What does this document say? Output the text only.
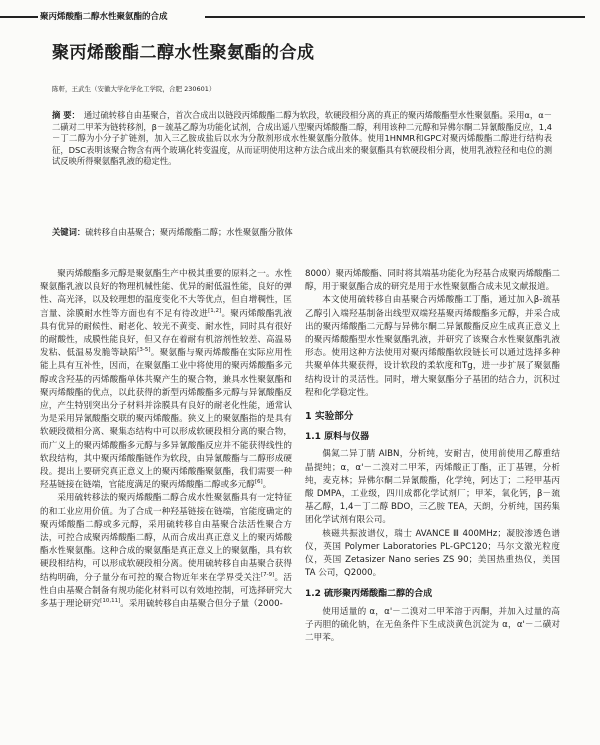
聚丙烯酸酯二醇水性聚氨酯的合成
聚丙烯酸酯二醇水性聚氨酯的合成
陈軒，王武生（安徽大学化学化工学院，合肥 230601）
摘 要： 通过硫转移自由基聚合，首次合成出以链段丙烯酸酯二醇为软段，软硬段相分离的真正的聚丙烯酸酯型水性聚氨酯。采用α，α－二磺对二甲苯为链转移剂，β－巯基乙醇为功能化试剂，合成出遥八型聚丙烯酸酯二醇，利用该种二元醇和异佛尔酮二异氰酸酯反应，1,4－丁二醇为小分子扩链剂，加入三乙胺成盐后以水为分散剂形成水性聚氨酯分散体。使用1HNMR和GPC对聚丙烯酸酯二醇进行结构表征，DSC表明该聚合物含有两个玻璃化转变温度，从而证明使用这种方法合成出来的聚氨酯具有软硬段相分离，使用乳液粒径和电位的测试反映所得聚氨酯乳液的稳定性。
关键词：硫转移自由基聚合；聚丙烯酸酯二醇；水性聚氨酯分散体

聚丙烯酸酯多元醇是聚氨酯生产中极其重要的原料之一。水性聚氨酯乳液以良好的物理机械性能、优异的耐低温性能，良好的弹性、高光泽，以及较理想的温度变化不大等优点，但自增稠性，匡言量、涂膜耐水性等方面也有不足有待改进[1,2]。聚丙烯酸酯乳液具有优异的耐候性、耐老化、较光不黄变、耐水性，同时具有很好的耐酸性，成膜性能良好，但又存在着耐有机溶剂性较差、高温易发粘、低温易发脆等缺陷[3-5]。聚氨酯与聚丙烯酸酯在实际应用性能上具有互补性，因而，在聚氨酯工业中将使用的聚丙烯酸酯多元醇或含羟基的丙烯酸酯单体共聚产生的聚合物，兼具水性聚氨酯和聚丙烯酸酯的优点，以此获得的新型丙烯酸酯多元醇与异氰酸酯反应，产生特别突出分子材料并涂膜具有良好的耐老化性能，通常认为是采用异氰酸酯交联的聚丙烯酸酯。狭义上的聚氨酯指的是具有软硬段微相分离、聚集态结构中可以形成软硬段相分离的聚合物，而广义上的聚丙烯酸酯多元醇与多异氰酸酯反应并不能获得线性的软段结构，其中聚丙烯酸酯链作为软段，由异氰酸酯与二醇形成硬段。提出上要研究真正意义上的聚丙烯酸酯聚氨酯，我们需要一种羟基链接在链端，官能度满足的聚丙烯酸酯二醇或多元醇[6]。

采用硫转移法的聚丙烯酸酯二醇合成水性聚氨酯具有一定特征的和工业应用价值。为了合成一种羟基链接在链端，官能度确定的聚丙烯酸酯二醇或多元醇，采用硫转移自由基聚合法活性聚合方法，可控合成聚丙烯酸酯二醇，从而合成出真正意义上的聚丙烯酸酯水性聚氨酯。这种合成的聚氨酯是真正意义上的聚氨酯，具有软硬段相结构，可以形成软硬段相分离。使用硫转移自由基聚合获得结构明确，分子量分布可控的聚合物近年来在学界受关注[7-9]。活性自由基聚合制备有规功能化材料可以有效地控制，可选择研究大多基于理论研究[10,11]。采用硫转移自由基聚合但分子量（2000-

8000）聚丙烯酸酯、同时将其端基功能化为羟基合成聚丙烯酸酯二醇，用于聚氨酯合成的研究是用于水性聚氨酯合成未见文献报道。

本文使用硫转移自由基聚合丙烯酸酯工丁酯，通过加入β-巯基乙醇引入端羟基制备出线型双端羟基聚丙烯酸酯多元醇，并采合成出的聚丙烯酸酯二元醇与异佛尔酮二异氰酸酯反应生成真正意义上的聚丙烯酸酯型水性聚氨酯乳液，并研究了该聚合水性聚氨酯乳液形态。使用这种方法使用对聚丙烯酸酯软段链长可以通过选择多种共聚单体共聚获得，设计软段的柔软度和Tg，进一步扩展了聚氨酯结构设计的灵活性。同时，增大聚氨酯分子基团的结合力，沉积过程和化学稳定性。

1 实验部分
1.1 原料与仪器

偶氮二异丁腈 AIBN，分析纯，安耐吉，使用前使用乙醇重结晶提纯；α，α'－二溴对二甲苯，丙烯酸正丁酯，正丁基锂，分析纯，麦克林；异佛尔酮二异氰酸酯，化学纯，阿达丁；二羟甲基丙酸 DMPA，工业级，四川成都化学试剂厂；甲苯，氧化钙，β－巯基乙醇，1,4－丁二醇 BDO，三乙胺 TEA，天朗，分析纯，国药集团化学试剂有限公司。

核磁共振波谱仪，瑞士 AVANCE Ⅲ 400MHz；凝胶渗透色谱仪，英国 Polymer Laboratories PL-GPC120；马尔文激光粒度仪，英国 Zetasizer Nano series ZS 90；美国热重热仪，美国 TA 公司，Q2000。

1.2 硫形聚丙烯酸酯二醇的合成

使用适量的 α，α'－二溴对二甲苯溶于丙酮，并加入过量的高子丙胆的硫化钠，在无鱼条件下生成淡黄色沉淀为 α，α'－二磺对二甲苯。
